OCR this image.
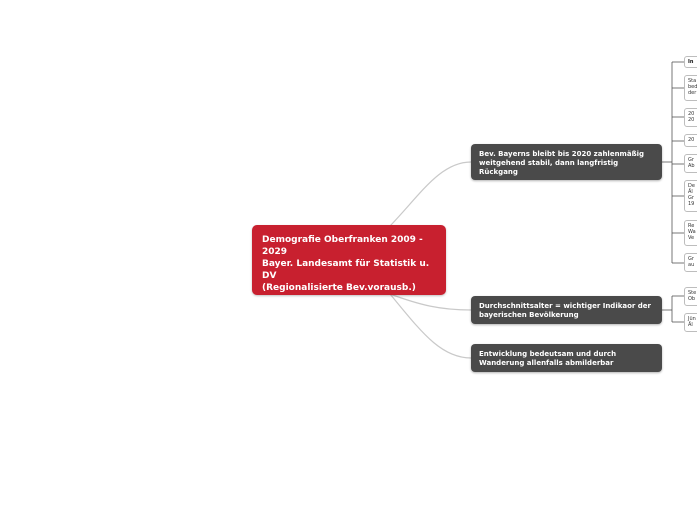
Demografie Oberfranken 2009 -
2029
Bayer. Landesamt für Statistik u.
DV
(Regionalisierte Bev.vorausb.)
Bev. Bayerns bleibt bis 2020 zahlenmäßig weitgehend stabil, dann langfristig Rückgang
Durchschnittsalter = wichtiger Indikaor der bayerischen Bevölkerung
Entwicklung bedeutsam und durch Wanderung allenfalls abmilderbar
In
Sta
bed
der
20
20
20
Gr
Ab
De
Äl
Gr
19
Re
Wa
Ve
Gr
au
Ste
Ob
Jün
Äl
